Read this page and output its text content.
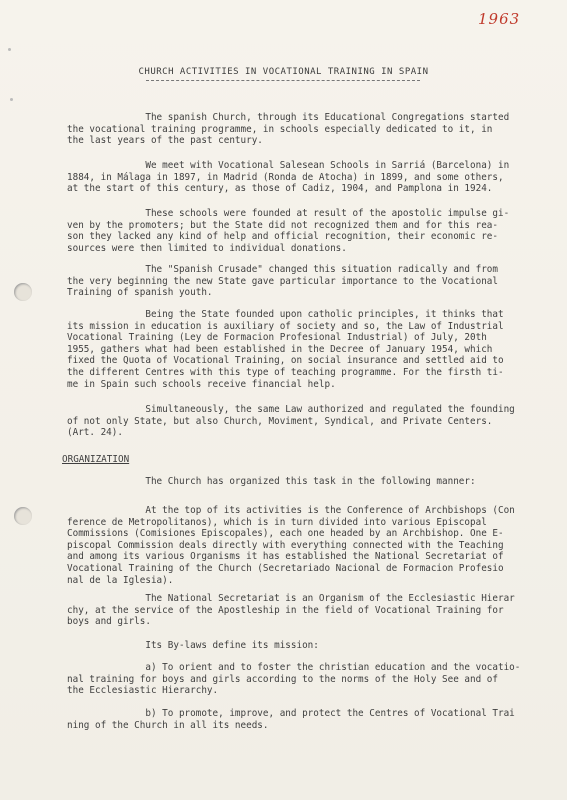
1963
CHURCH ACTIVITIES IN VOCATIONAL TRAINING IN SPAIN
The spanish Church, through its Educational Congregations started
the vocational training programme, in schools especially dedicated to it, in
the last years of the past century.
We meet with Vocational Salesean Schools in Sarriá (Barcelona) in
1884, in Málaga in 1897, in Madrid (Ronda de Atocha) in 1899, and some others,
at the start of this century, as those of Cadiz, 1904, and Pamplona in 1924.
These schools were founded at result of the apostolic impulse gi-
ven by the promoters; but the State did not recognized them and for this rea-
son they lacked any kind of help and official recognition, their economic re-
sources were then limited to individual donations.
The "Spanish Crusade" changed this situation radically and from
the very beginning the new State gave particular importance to the Vocational
Training of spanish youth.
Being the State founded upon catholic principles, it thinks that
its mission in education is auxiliary of society and so, the Law of Industrial
Vocational Training (Ley de Formacion Profesional Industrial) of July, 20th
1955, gathers what had been established in the Decree of January 1954, which
fixed the Quota of Vocational Training, on social insurance and settled aid to
the different Centres with this type of teaching programme. For the firsth ti-
me in Spain such schools receive financial help.
Simultaneously, the same Law authorized and regulated the founding
of not only State, but also Church, Moviment, Syndical, and Private Centers.
(Art. 24).
ORGANIZATION
The Church has organized this task in the following manner:
At the top of its activities is the Conference of Archbishops (Con
ference de Metropolitanos), which is in turn divided into various Episcopal
Commissions (Comisiones Episcopales), each one headed by an Archbishop. One E-
piscopal Commission deals directly with everything connected with the Teaching
and among its various Organisms it has established the National Secretariat of
Vocational Training of the Church (Secretariado Nacional de Formacion Profesio
nal de la Iglesia).
The National Secretariat is an Organism of the Ecclesiastic Hierar
chy, at the service of the Apostleship in the field of Vocational Training for
boys and girls.
Its By-laws define its mission:
a) To orient and to foster the christian education and the vocatio-
nal training for boys and girls according to the norms of the Holy See and of
the Ecclesiastic Hierarchy.
b) To promote, improve, and protect the Centres of Vocational Trai
ning of the Church in all its needs.
